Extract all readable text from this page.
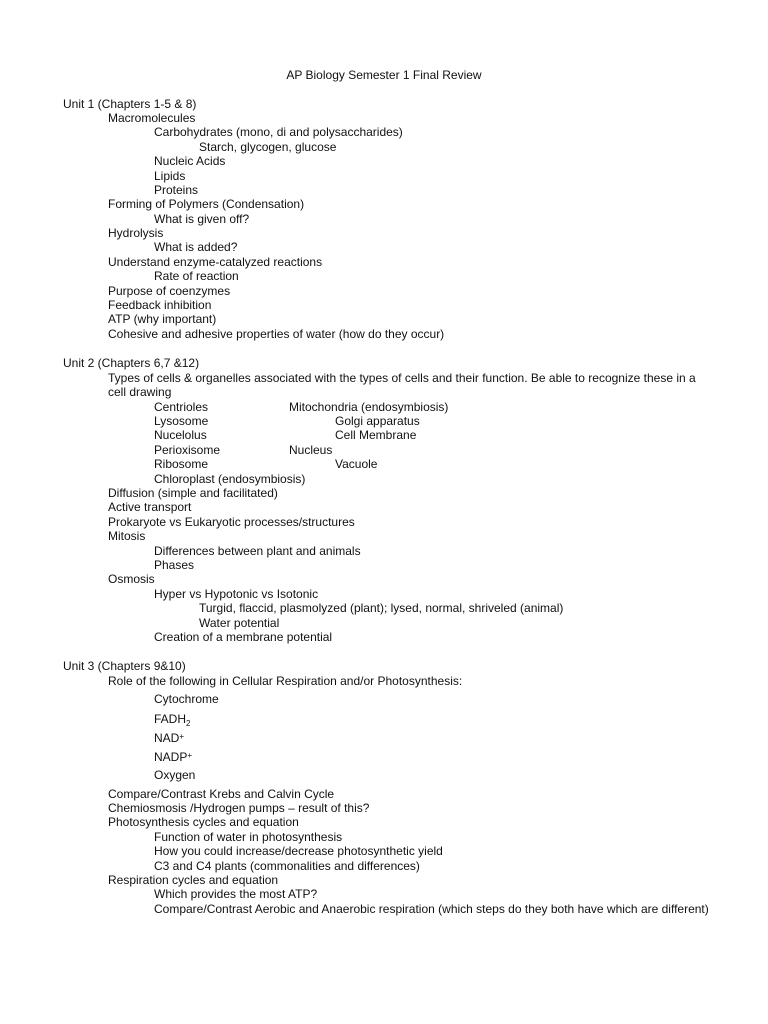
AP Biology Semester 1 Final Review
Unit 1 (Chapters 1-5 & 8)
Macromolecules
Carbohydrates (mono, di and polysaccharides)
Starch, glycogen, glucose
Nucleic Acids
Lipids
Proteins
Forming of Polymers (Condensation)
What is given off?
Hydrolysis
What is added?
Understand enzyme-catalyzed reactions
Rate of reaction
Purpose of coenzymes
Feedback inhibition
ATP (why important)
Cohesive and adhesive properties of water (how do they occur)
Unit 2 (Chapters 6,7 &12)
Types of cells & organelles associated with the types of cells and their function. Be able to recognize these in a
cell drawing
Centrioles	Mitochondria (endosymbiosis)
Lysosome	Golgi apparatus
Nucelolus	Cell Membrane
Perioxisome	Nucleus
Ribosome	Vacuole
Chloroplast (endosymbiosis)
Diffusion (simple and facilitated)
Active transport
Prokaryote vs Eukaryotic processes/structures
Mitosis
Differences between plant and animals
Phases
Osmosis
Hyper vs Hypotonic vs Isotonic
Turgid, flaccid, plasmolyzed (plant); lysed, normal, shriveled (animal)
Water potential
Creation of a membrane potential
Unit 3 (Chapters 9&10)
Role of the following in Cellular Respiration and/or Photosynthesis:
Cytochrome
$FADH_2$
NAD+
NADP+
Oxygen
Compare/Contrast Krebs and Calvin Cycle
Chemiosmosis /Hydrogen pumps – result of this?
Photosynthesis cycles and equation
Function of water in photosynthesis
How you could increase/decrease photosynthetic yield
C3 and C4 plants (commonalities and differences)
Respiration cycles and equation
Which provides the most ATP?
Compare/Contrast Aerobic and Anaerobic respiration (which steps do they both have which are different)
